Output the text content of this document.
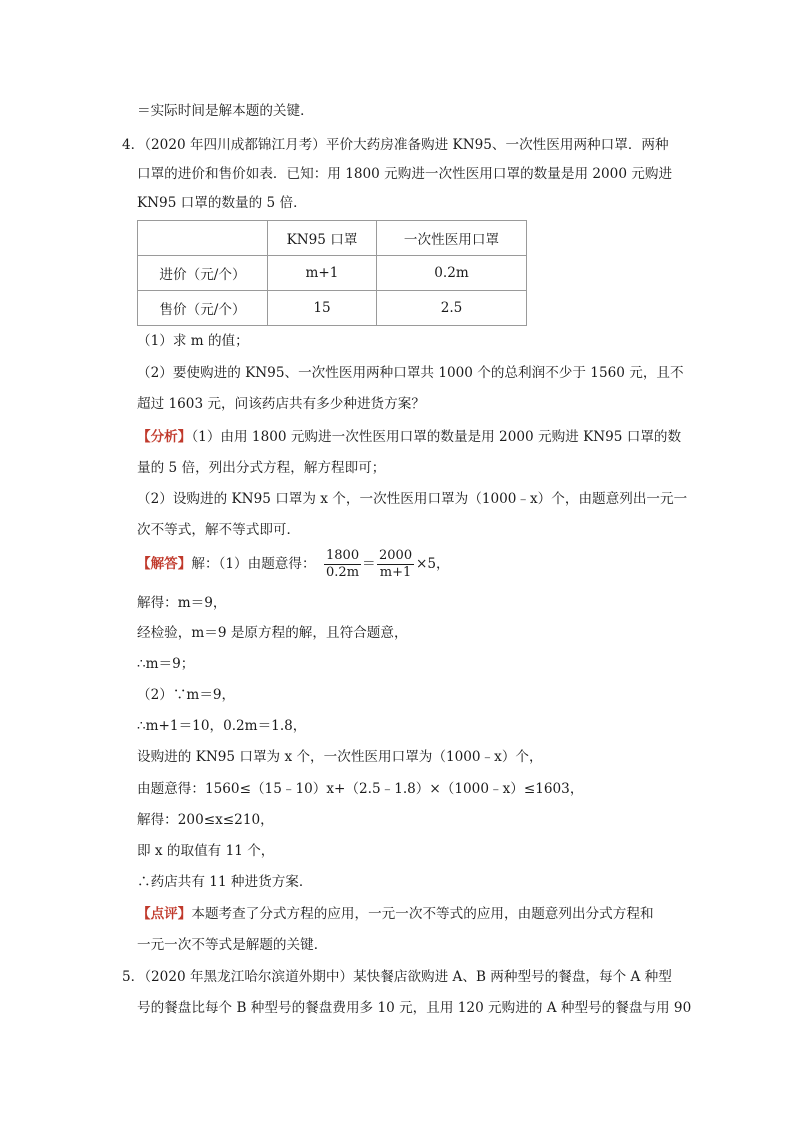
＝实际时间是解本题的关键．
4．（2020 年四川成都锦江月考）平价大药房准备购进 KN95、一次性医用两种口罩．两种
口罩的进价和售价如表．已知：用 1800 元购进一次性医用口罩的数量是用 2000 元购进
KN95 口罩的数量的 5 倍．
	KN95 口罩	一次性医用口罩
进价（元/个）	m+1	0.2m
售价（元/个）	15	2.5
（1）求 m 的值；
（2）要使购进的 KN95、一次性医用两种口罩共 1000 个的总利润不少于 1560 元，且不
超过 1603 元，问该药店共有多少种进货方案？
【分析】（1）由用 1800 元购进一次性医用口罩的数量是用 2000 元购进 KN95 口罩的数
量的 5 倍，列出分式方程，解方程即可；
（2）设购进的 KN95 口罩为 x 个，一次性医用口罩为（1000﹣x）个，由题意列出一元一
次不等式，解不等式即可．
【解答】解：（1）由题意得：
1800
0.2m
＝
2000
m+1
×5，
解得：m＝9，
经检验，m＝9 是原方程的解，且符合题意，
∴m＝9；
（2）∵m＝9，
∴m+1＝10，0.2m＝1.8，
设购进的 KN95 口罩为 x 个，一次性医用口罩为（1000﹣x）个，
由题意得：1560≤（15﹣10）x+（2.5﹣1.8）×（1000﹣x）≤1603，
解得：200≤x≤210，
即 x 的取值有 11 个，
∴药店共有 11 种进货方案．
【点评】本题考查了分式方程的应用，一元一次不等式的应用，由题意列出分式方程和
一元一次不等式是解题的关键．
5．（2020 年黑龙江哈尔滨道外期中）某快餐店欲购进 A、B 两种型号的餐盘，每个 A 种型
号的餐盘比每个 B 种型号的餐盘费用多 10 元，且用 120 元购进的 A 种型号的餐盘与用 90
